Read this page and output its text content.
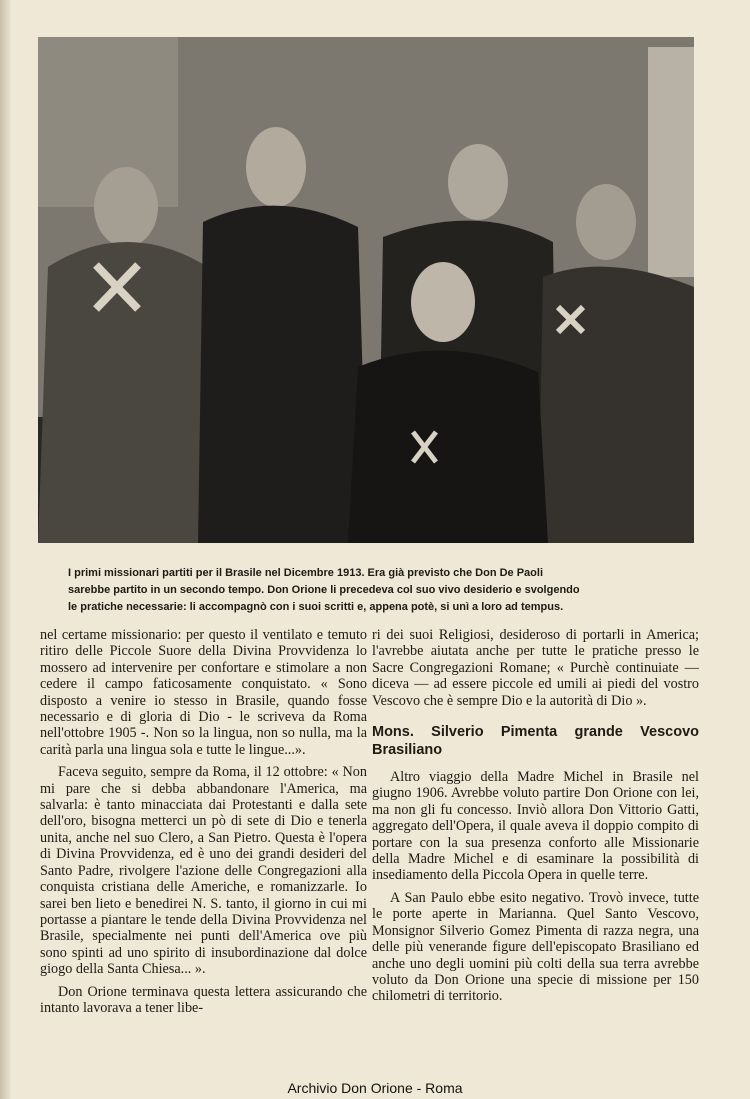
I primi missionari partiti per il Brasile nel Dicembre 1913. Era già previsto che Don De Paoli

sarebbe partito in un secondo tempo. Don Orione li precedeva col suo vivo desiderio e svolgendo

le pratiche necessarie: li accompagnò con i suoi scritti e, appena potè, si unì a loro ad tempus.

nel certame missionario: per questo il ventilato e temuto ritiro delle Piccole Suore della Divina Provvidenza lo mossero ad intervenire per confortare e stimolare a non cedere il campo faticosamente conquistato. « Sono disposto a venire io stesso in Brasile, quando fosse necessario e di gloria di Dio - le scriveva da Roma nell'ottobre 1905 -. Non so la lingua, non so nulla, ma la carità parla una lingua sola e tutte le lingue...».

Faceva seguito, sempre da Roma, il 12 ottobre: « Non mi pare che si debba abbandonare l'America, ma salvarla: è tanto minacciata dai Protestanti e dalla sete dell'oro, bisogna metterci un pò di sete di Dio e tenerla unita, anche nel suo Clero, a San Pietro. Questa è l'opera di Divina Provvidenza, ed è uno dei grandi desideri del Santo Padre, rivolgere l'azione delle Congregazioni alla conquista cristiana delle Americhe, e romanizzarle. Io sarei ben lieto e benedirei N. S. tanto, il giorno in cui mi portasse a piantare le tende della Divina Provvidenza nel Brasile, specialmente nei punti dell'America ove più sono spinti ad uno spirito di insubordinazione dal dolce giogo della Santa Chiesa... ».

Don Orione terminava questa lettera assicurando che intanto lavorava a tener libe-

ri dei suoi Religiosi, desideroso di portarli in America; l'avrebbe aiutata anche per tutte le pratiche presso le Sacre Congregazioni Romane; « Purchè continuiate — diceva — ad essere piccole ed umili ai piedi del vostro Vescovo che è sempre Dio e la autorità di Dio ».

Mons. Silverio Pimenta grande Vescovo Brasiliano

Altro viaggio della Madre Michel in Brasile nel giugno 1906. Avrebbe voluto partire Don Orione con lei, ma non gli fu concesso. Inviò allora Don Vittorio Gatti, aggregato dell'Opera, il quale aveva il doppio compito di portare con la sua presenza conforto alle Missionarie della Madre Michel e di esaminare la possibilità di insediamento della Piccola Opera in quelle terre.

A San Paulo ebbe esito negativo. Trovò invece, tutte le porte aperte in Marianna. Quel Santo Vescovo, Monsignor Silverio Gomez Pimenta di razza negra, una delle più venerande figure dell'episcopato Brasiliano ed anche uno degli uomini più colti della sua terra avrebbe voluto da Don Orione una specie di missione per 150 chilometri di territorio.

Archivio Don Orione - Roma
